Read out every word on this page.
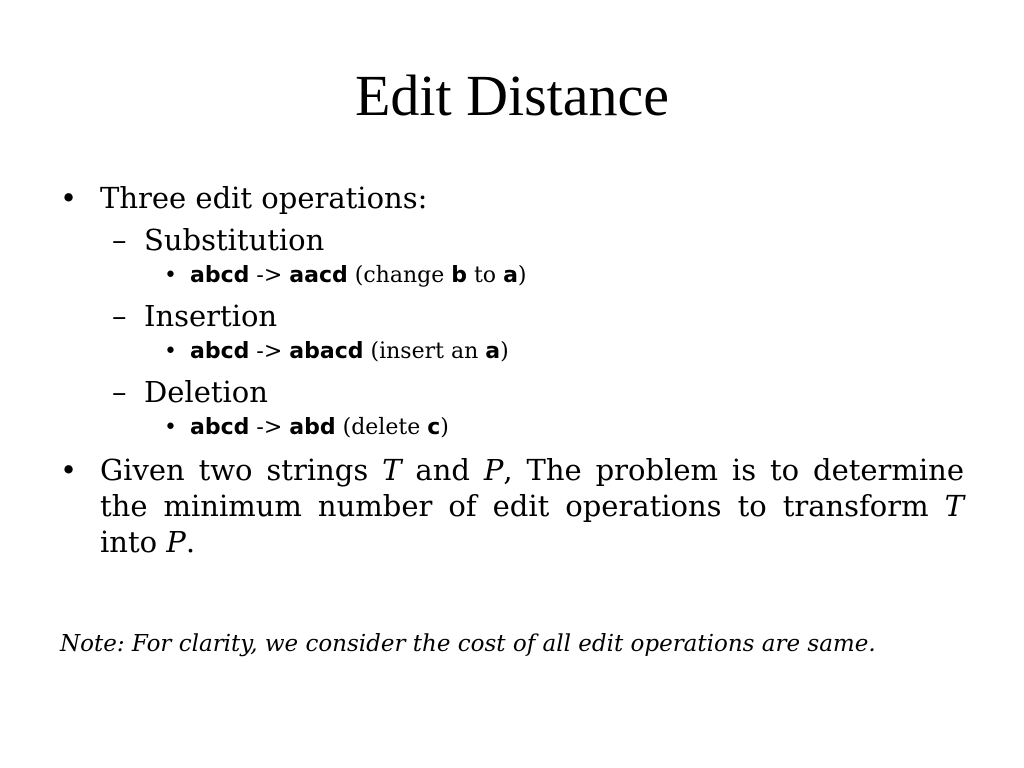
Edit Distance
• Three edit operations:
– Substitution
• abcd -> aacd (change b to a)
– Insertion
• abcd -> abacd (insert an a)
– Deletion
• abcd -> abd (delete c)
• Given two strings T and P, The problem is to determine the minimum number of edit operations to transform T into P.
Note: For clarity, we consider the cost of all edit operations are same.
